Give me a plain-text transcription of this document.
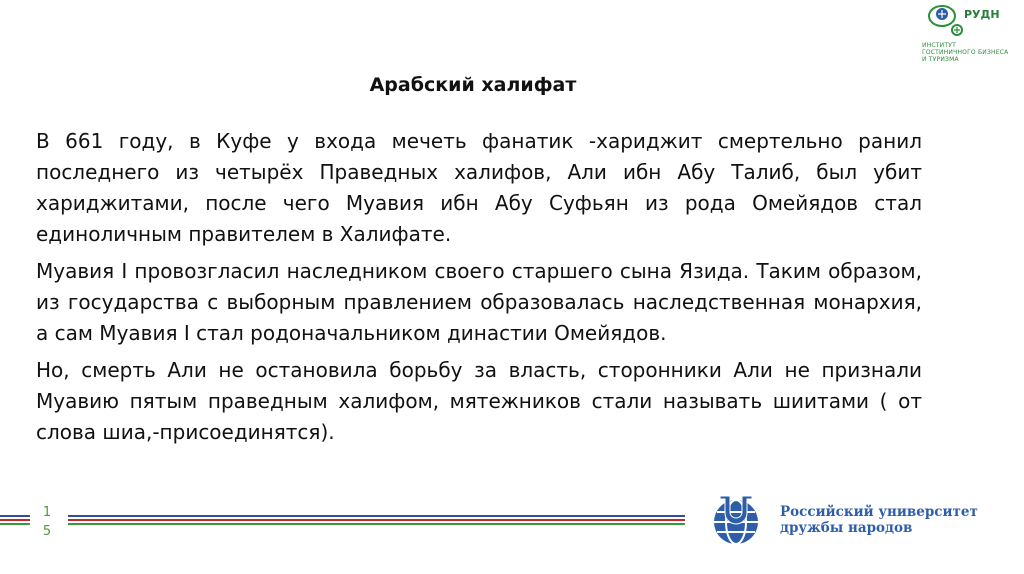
РУДН
ИНСТИТУТ
ГОСТИНИЧНОГО БИЗНЕСА
И ТУРИЗМА
Арабский халифат

В 661 году, в Куфе у входа мечеть фанатик -хариджит смертельно ранил последнего из четырёх Праведных халифов, Али ибн Абу Талиб, был убит хариджитами, после чего Муавия ибн Абу Суфьян из рода Омейядов стал единоличным правителем в Халифате.

Муавия I провозгласил наследником своего старшего сына Язида. Таким образом, из государства с выборным правлением образовалась наследственная монархия, а сам Муавия I стал родоначальником династии Омейядов.

Но, смерть Али не остановила борьбу за власть, сторонники Али не признали Муавию пятым праведным халифом, мятежников стали называть шиитами ( от слова шиа,-присоединятся).

1
5
Российский университет
дружбы народов
